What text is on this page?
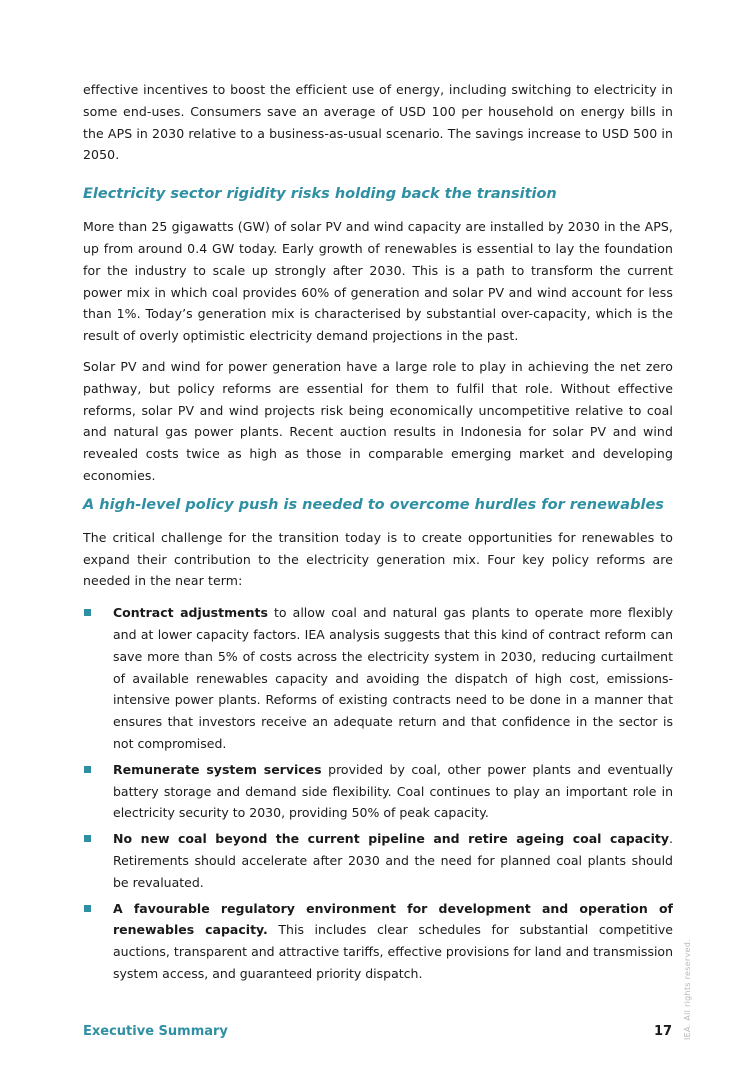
effective incentives to boost the efficient use of energy, including switching to electricity in some end-uses. Consumers save an average of USD 100 per household on energy bills in the APS in 2030 relative to a business-as-usual scenario. The savings increase to USD 500 in 2050.

Electricity sector rigidity risks holding back the transition

More than 25 gigawatts (GW) of solar PV and wind capacity are installed by 2030 in the APS, up from around 0.4 GW today. Early growth of renewables is essential to lay the foundation for the industry to scale up strongly after 2030. This is a path to transform the current power mix in which coal provides 60% of generation and solar PV and wind account for less than 1%. Today’s generation mix is characterised by substantial over-capacity, which is the result of overly optimistic electricity demand projections in the past.

Solar PV and wind for power generation have a large role to play in achieving the net zero pathway, but policy reforms are essential for them to fulfil that role. Without effective reforms, solar PV and wind projects risk being economically uncompetitive relative to coal and natural gas power plants. Recent auction results in Indonesia for solar PV and wind revealed costs twice as high as those in comparable emerging market and developing economies.

A high-level policy push is needed to overcome hurdles for renewables

The critical challenge for the transition today is to create opportunities for renewables to expand their contribution to the electricity generation mix. Four key policy reforms are needed in the near term:

Contract adjustments to allow coal and natural gas plants to operate more flexibly and at lower capacity factors. IEA analysis suggests that this kind of contract reform can save more than 5% of costs across the electricity system in 2030, reducing curtailment of available renewables capacity and avoiding the dispatch of high cost, emissions-intensive power plants. Reforms of existing contracts need to be done in a manner that ensures that investors receive an adequate return and that confidence in the sector is not compromised.
Remunerate system services provided by coal, other power plants and eventually battery storage and demand side flexibility. Coal continues to play an important role in electricity security to 2030, providing 50% of peak capacity.
No new coal beyond the current pipeline and retire ageing coal capacity. Retirements should accelerate after 2030 and the need for planned coal plants should be revaluated.
A favourable regulatory environment for development and operation of renewables capacity. This includes clear schedules for substantial competitive auctions, transparent and attractive tariffs, effective provisions for land and transmission system access, and guaranteed priority dispatch.	IEA. All rights reserved.
Executive Summary	17
